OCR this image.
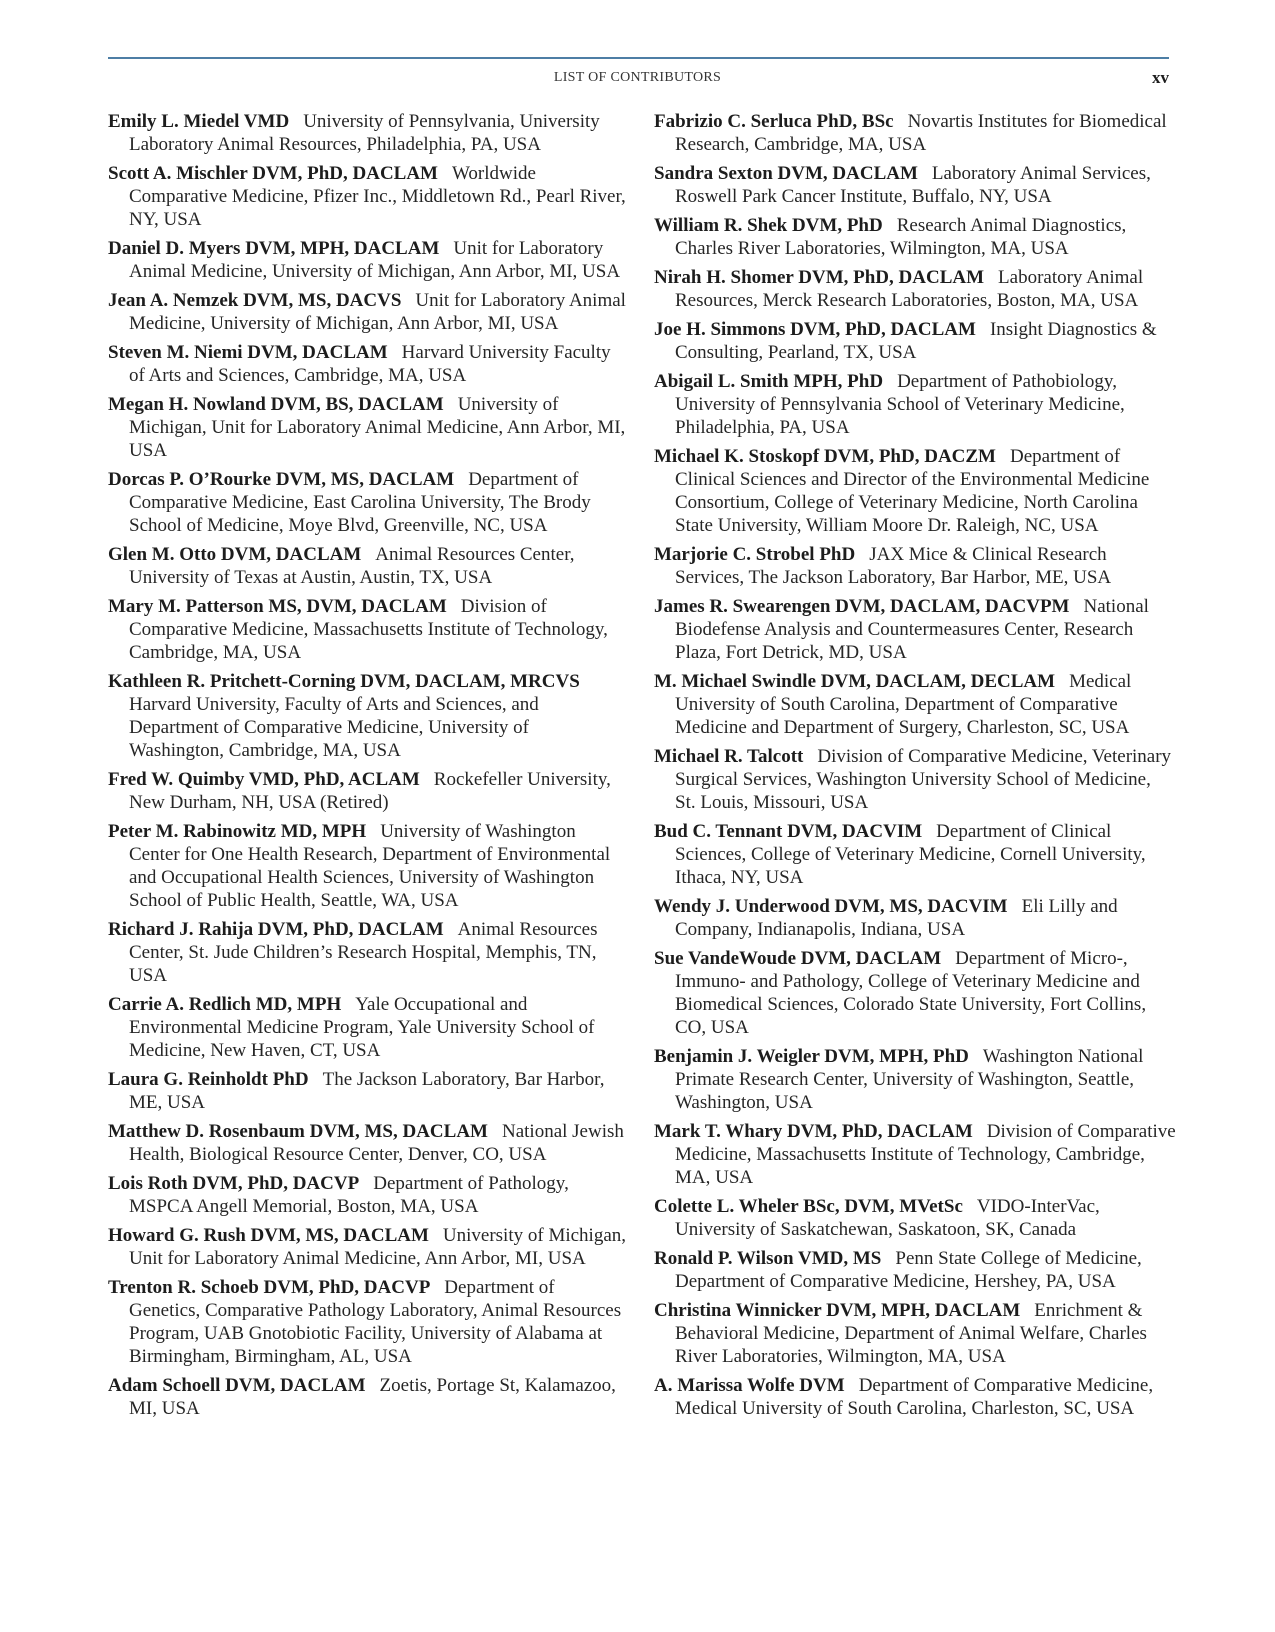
LIST OF CONTRIBUTORS	xv

Emily L. Miedel VMD University of Pennsylvania, University Laboratory Animal Resources, Philadelphia, PA, USA

Scott A. Mischler DVM, PhD, DACLAM Worldwide Comparative Medicine, Pfizer Inc., Middletown Rd., Pearl River, NY, USA

Daniel D. Myers DVM, MPH, DACLAM Unit for Laboratory Animal Medicine, University of Michigan, Ann Arbor, MI, USA

Jean A. Nemzek DVM, MS, DACVS Unit for Laboratory Animal Medicine, University of Michigan, Ann Arbor, MI, USA

Steven M. Niemi DVM, DACLAM Harvard University Faculty of Arts and Sciences, Cambridge, MA, USA

Megan H. Nowland DVM, BS, DACLAM University of Michigan, Unit for Laboratory Animal Medicine, Ann Arbor, MI, USA

Dorcas P. O’Rourke DVM, MS, DACLAM Department of Comparative Medicine, East Carolina University, The Brody School of Medicine, Moye Blvd, Greenville, NC, USA

Glen M. Otto DVM, DACLAM Animal Resources Center, University of Texas at Austin, Austin, TX, USA

Mary M. Patterson MS, DVM, DACLAM Division of Comparative Medicine, Massachusetts Institute of Technology, Cambridge, MA, USA

Kathleen R. Pritchett-Corning DVM, DACLAM, MRCVSHarvard University, Faculty of Arts and Sciences, and Department of Comparative Medicine, University of Washington, Cambridge, MA, USA

Fred W. Quimby VMD, PhD, ACLAM Rockefeller University, New Durham, NH, USA (Retired)

Peter M. Rabinowitz MD, MPH University of Washington Center for One Health Research, Department of Environmental and Occupational Health Sciences, University of Washington School of Public Health, Seattle, WA, USA

Richard J. Rahija DVM, PhD, DACLAM Animal Resources Center, St. Jude Children’s Research Hospital, Memphis, TN, USA

Carrie A. Redlich MD, MPH Yale Occupational and Environmental Medicine Program, Yale University School of Medicine, New Haven, CT, USA

Laura G. Reinholdt PhD The Jackson Laboratory, Bar Harbor, ME, USA

Matthew D. Rosenbaum DVM, MS, DACLAM National Jewish Health, Biological Resource Center, Denver, CO, USA

Lois Roth DVM, PhD, DACVP Department of Pathology, MSPCA Angell Memorial, Boston, MA, USA

Howard G. Rush DVM, MS, DACLAM University of Michigan, Unit for Laboratory Animal Medicine, Ann Arbor, MI, USA

Trenton R. Schoeb DVM, PhD, DACVP Department of Genetics, Comparative Pathology Laboratory, Animal Resources Program, UAB Gnotobiotic Facility, University of Alabama at Birmingham, Birmingham, AL, USA

Adam Schoell DVM, DACLAM Zoetis, Portage St, Kalamazoo, MI, USA

Fabrizio C. Serluca PhD, BSc Novartis Institutes for Biomedical Research, Cambridge, MA, USA

Sandra Sexton DVM, DACLAM Laboratory Animal Services, Roswell Park Cancer Institute, Buffalo, NY, USA

William R. Shek DVM, PhD Research Animal Diagnostics, Charles River Laboratories, Wilmington, MA, USA

Nirah H. Shomer DVM, PhD, DACLAM Laboratory Animal Resources, Merck Research Laboratories, Boston, MA, USA

Joe H. Simmons DVM, PhD, DACLAM Insight Diagnostics & Consulting, Pearland, TX, USA

Abigail L. Smith MPH, PhD Department of Pathobiology, University of Pennsylvania School of Veterinary Medicine, Philadelphia, PA, USA

Michael K. Stoskopf DVM, PhD, DACZM Department of Clinical Sciences and Director of the Environmental Medicine Consortium, College of Veterinary Medicine, North Carolina State University, William Moore Dr. Raleigh, NC, USA

Marjorie C. Strobel PhD JAX Mice & Clinical Research Services, The Jackson Laboratory, Bar Harbor, ME, USA

James R. Swearengen DVM, DACLAM, DACVPM National Biodefense Analysis and Countermeasures Center, Research Plaza, Fort Detrick, MD, USA

M. Michael Swindle DVM, DACLAM, DECLAM Medical University of South Carolina, Department of Comparative Medicine and Department of Surgery, Charleston, SC, USA

Michael R. Talcott Division of Comparative Medicine, Veterinary Surgical Services, Washington University School of Medicine, St. Louis, Missouri, USA

Bud C. Tennant DVM, DACVIM Department of Clinical Sciences, College of Veterinary Medicine, Cornell University, Ithaca, NY, USA

Wendy J. Underwood DVM, MS, DACVIM Eli Lilly and Company, Indianapolis, Indiana, USA

Sue VandeWoude DVM, DACLAM Department of Micro-, Immuno- and Pathology, College of Veterinary Medicine and Biomedical Sciences, Colorado State University, Fort Collins, CO, USA

Benjamin J. Weigler DVM, MPH, PhD Washington National Primate Research Center, University of Washington, Seattle, Washington, USA

Mark T. Whary DVM, PhD, DACLAM Division of Comparative Medicine, Massachusetts Institute of Technology, Cambridge, MA, USA

Colette L. Wheler BSc, DVM, MVetSc VIDO-InterVac, University of Saskatchewan, Saskatoon, SK, Canada

Ronald P. Wilson VMD, MS Penn State College of Medicine, Department of Comparative Medicine, Hershey, PA, USA

Christina Winnicker DVM, MPH, DACLAM Enrichment & Behavioral Medicine, Department of Animal Welfare, Charles River Laboratories, Wilmington, MA, USA

A. Marissa Wolfe DVM Department of Comparative Medicine, Medical University of South Carolina, Charleston, SC, USA
